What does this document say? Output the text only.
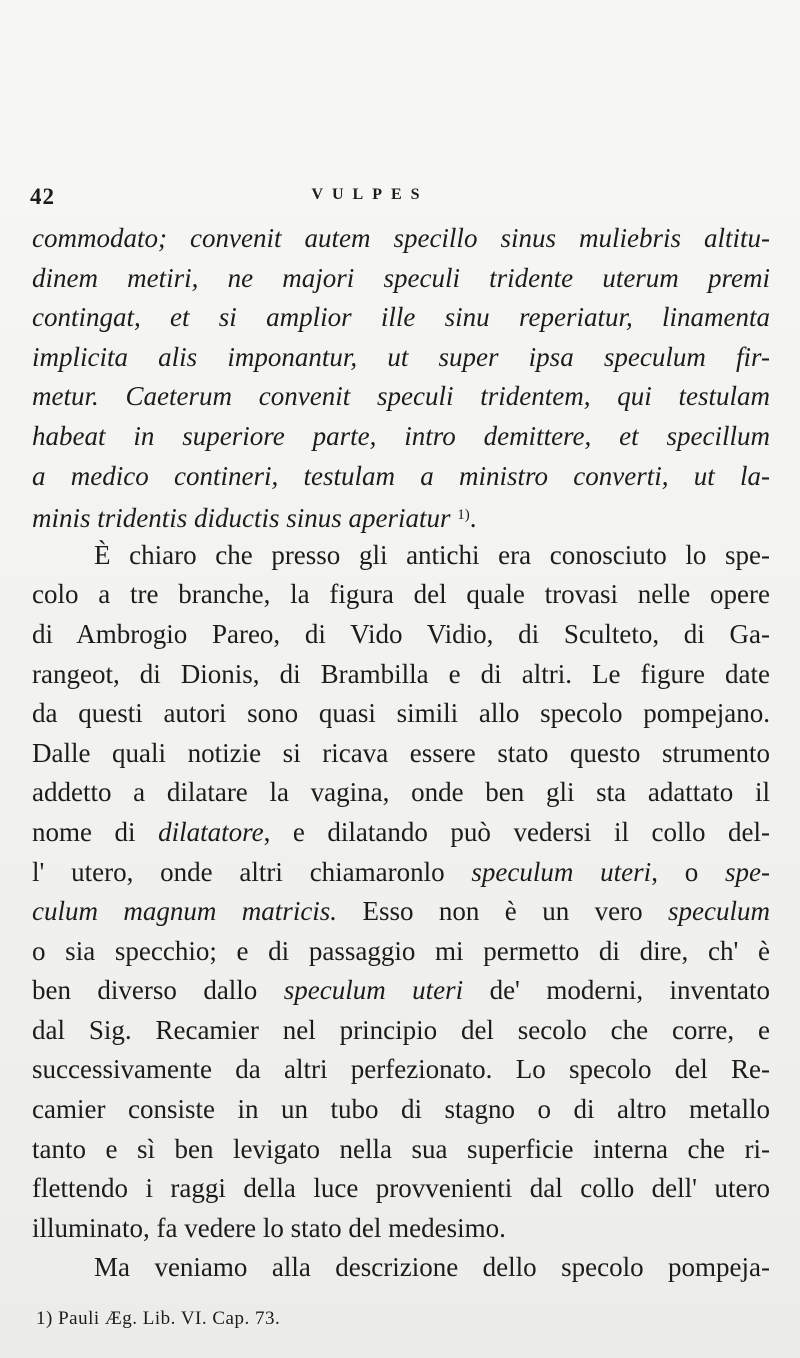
42	VULPES
commodato; convenit autem specillo sinus muliebris altitu-
dinem metiri, ne majori speculi tridente uterum premi
contingat, et si amplior ille sinu reperiatur, linamenta
implicita alis imponantur, ut super ipsa speculum fir-
metur. Caeterum convenit speculi tridentem, qui testulam
habeat in superiore parte, intro demittere, et specillum
a medico contineri, testulam a ministro converti, ut la-
minis tridentis diductis sinus aperiatur $^{1)}$.
È chiaro che presso gli antichi era conosciuto lo spe-
colo a tre branche, la figura del quale trovasi nelle opere
di Ambrogio Pareo, di Vido Vidio, di Sculteto, di Ga-
rangeot, di Dionis, di Brambilla e di altri. Le figure date
da questi autori sono quasi simili allo specolo pompejano.
Dalle quali notizie si ricava essere stato questo strumento
addetto a dilatare la vagina, onde ben gli sta adattato il
nome di dilatatore, e dilatando può vedersi il collo del-
l' utero, onde altri chiamaronlo speculum uteri, o spe-
culum magnum matricis. Esso non è un vero speculum
o sia specchio; e di passaggio mi permetto di dire, ch' è
ben diverso dallo speculum uteri de' moderni, inventato
dal Sig. Recamier nel principio del secolo che corre, e
successivamente da altri perfezionato. Lo specolo del Re-
camier consiste in un tubo di stagno o di altro metallo
tanto e sì ben levigato nella sua superficie interna che ri-
flettendo i raggi della luce provvenienti dal collo dell' utero
illuminato, fa vedere lo stato del medesimo.
Ma veniamo alla descrizione dello specolo pompeja-
1) Pauli Æg. Lib. VI. Cap. 73.
